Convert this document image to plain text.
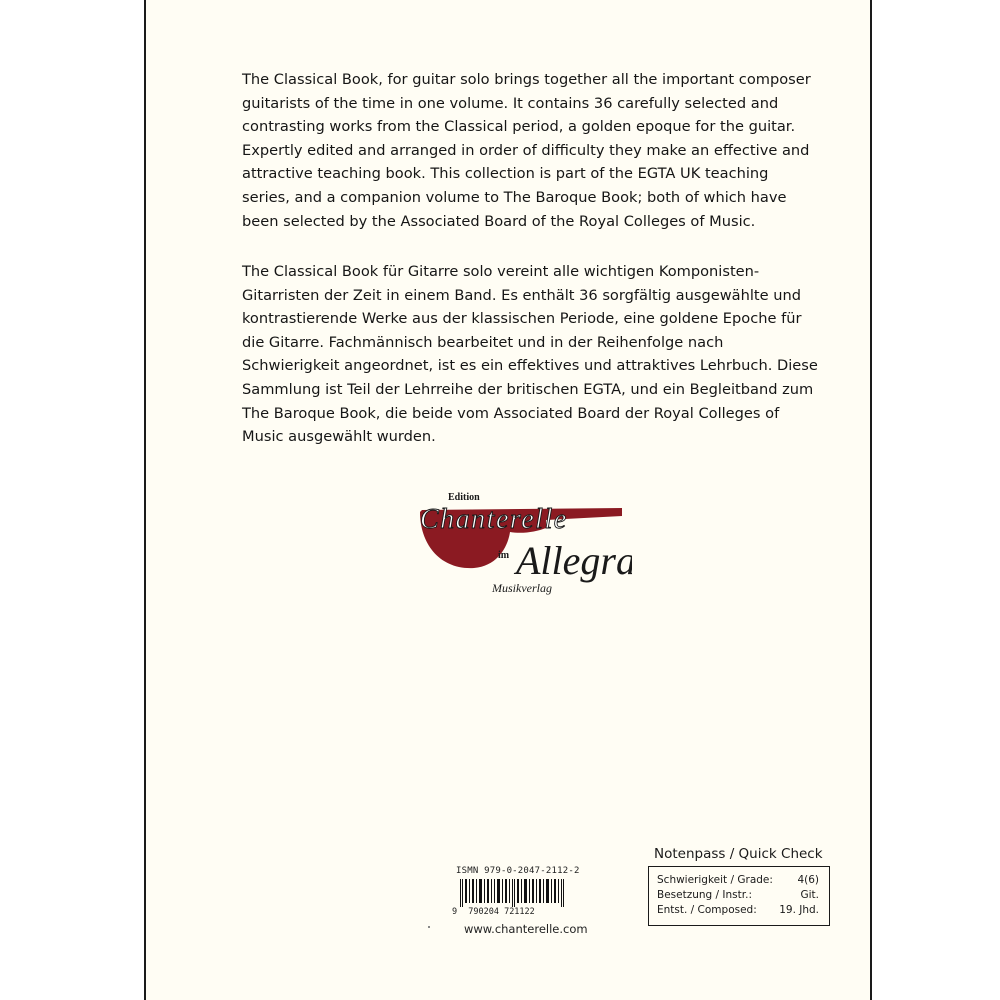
The Classical Book, for guitar solo brings together all the important composer
guitarists of the time in one volume. It contains 36 carefully selected and
contrasting works from the Classical period, a golden epoque for the guitar.
Expertly edited and arranged in order of difficulty they make an effective and
attractive teaching book. This collection is part of the EGTA UK teaching
series, and a companion volume to The Baroque Book; both of which have
been selected by the Associated Board of the Royal Colleges of Music.

The Classical Book für Gitarre solo vereint alle wichtigen Komponisten-
Gitarristen der Zeit in einem Band. Es enthält 36 sorgfältig ausgewählte und
kontrastierende Werke aus der klassischen Periode, eine goldene Epoche für
die Gitarre. Fachmännisch bearbeitet und in der Reihenfolge nach
Schwierigkeit angeordnet, ist es ein effektives und attraktives Lehrbuch. Diese
Sammlung ist Teil der Lehrreihe der britischen EGTA, und ein Begleitband zum
The Baroque Book, die beide vom Associated Board der Royal Colleges of
Music ausgewählt wurden.

Edition
Chanterelle
im Allegra
Musikverlag
ISMN 979-0-2047-2112-2
9 790204 721122
www.chanterelle.com
Notenpass / Quick Check
Schwierigkeit / Grade: 4(6)
Besetzung / Instr.:	Git.
Entst. / Composed: 19. Jhd.
